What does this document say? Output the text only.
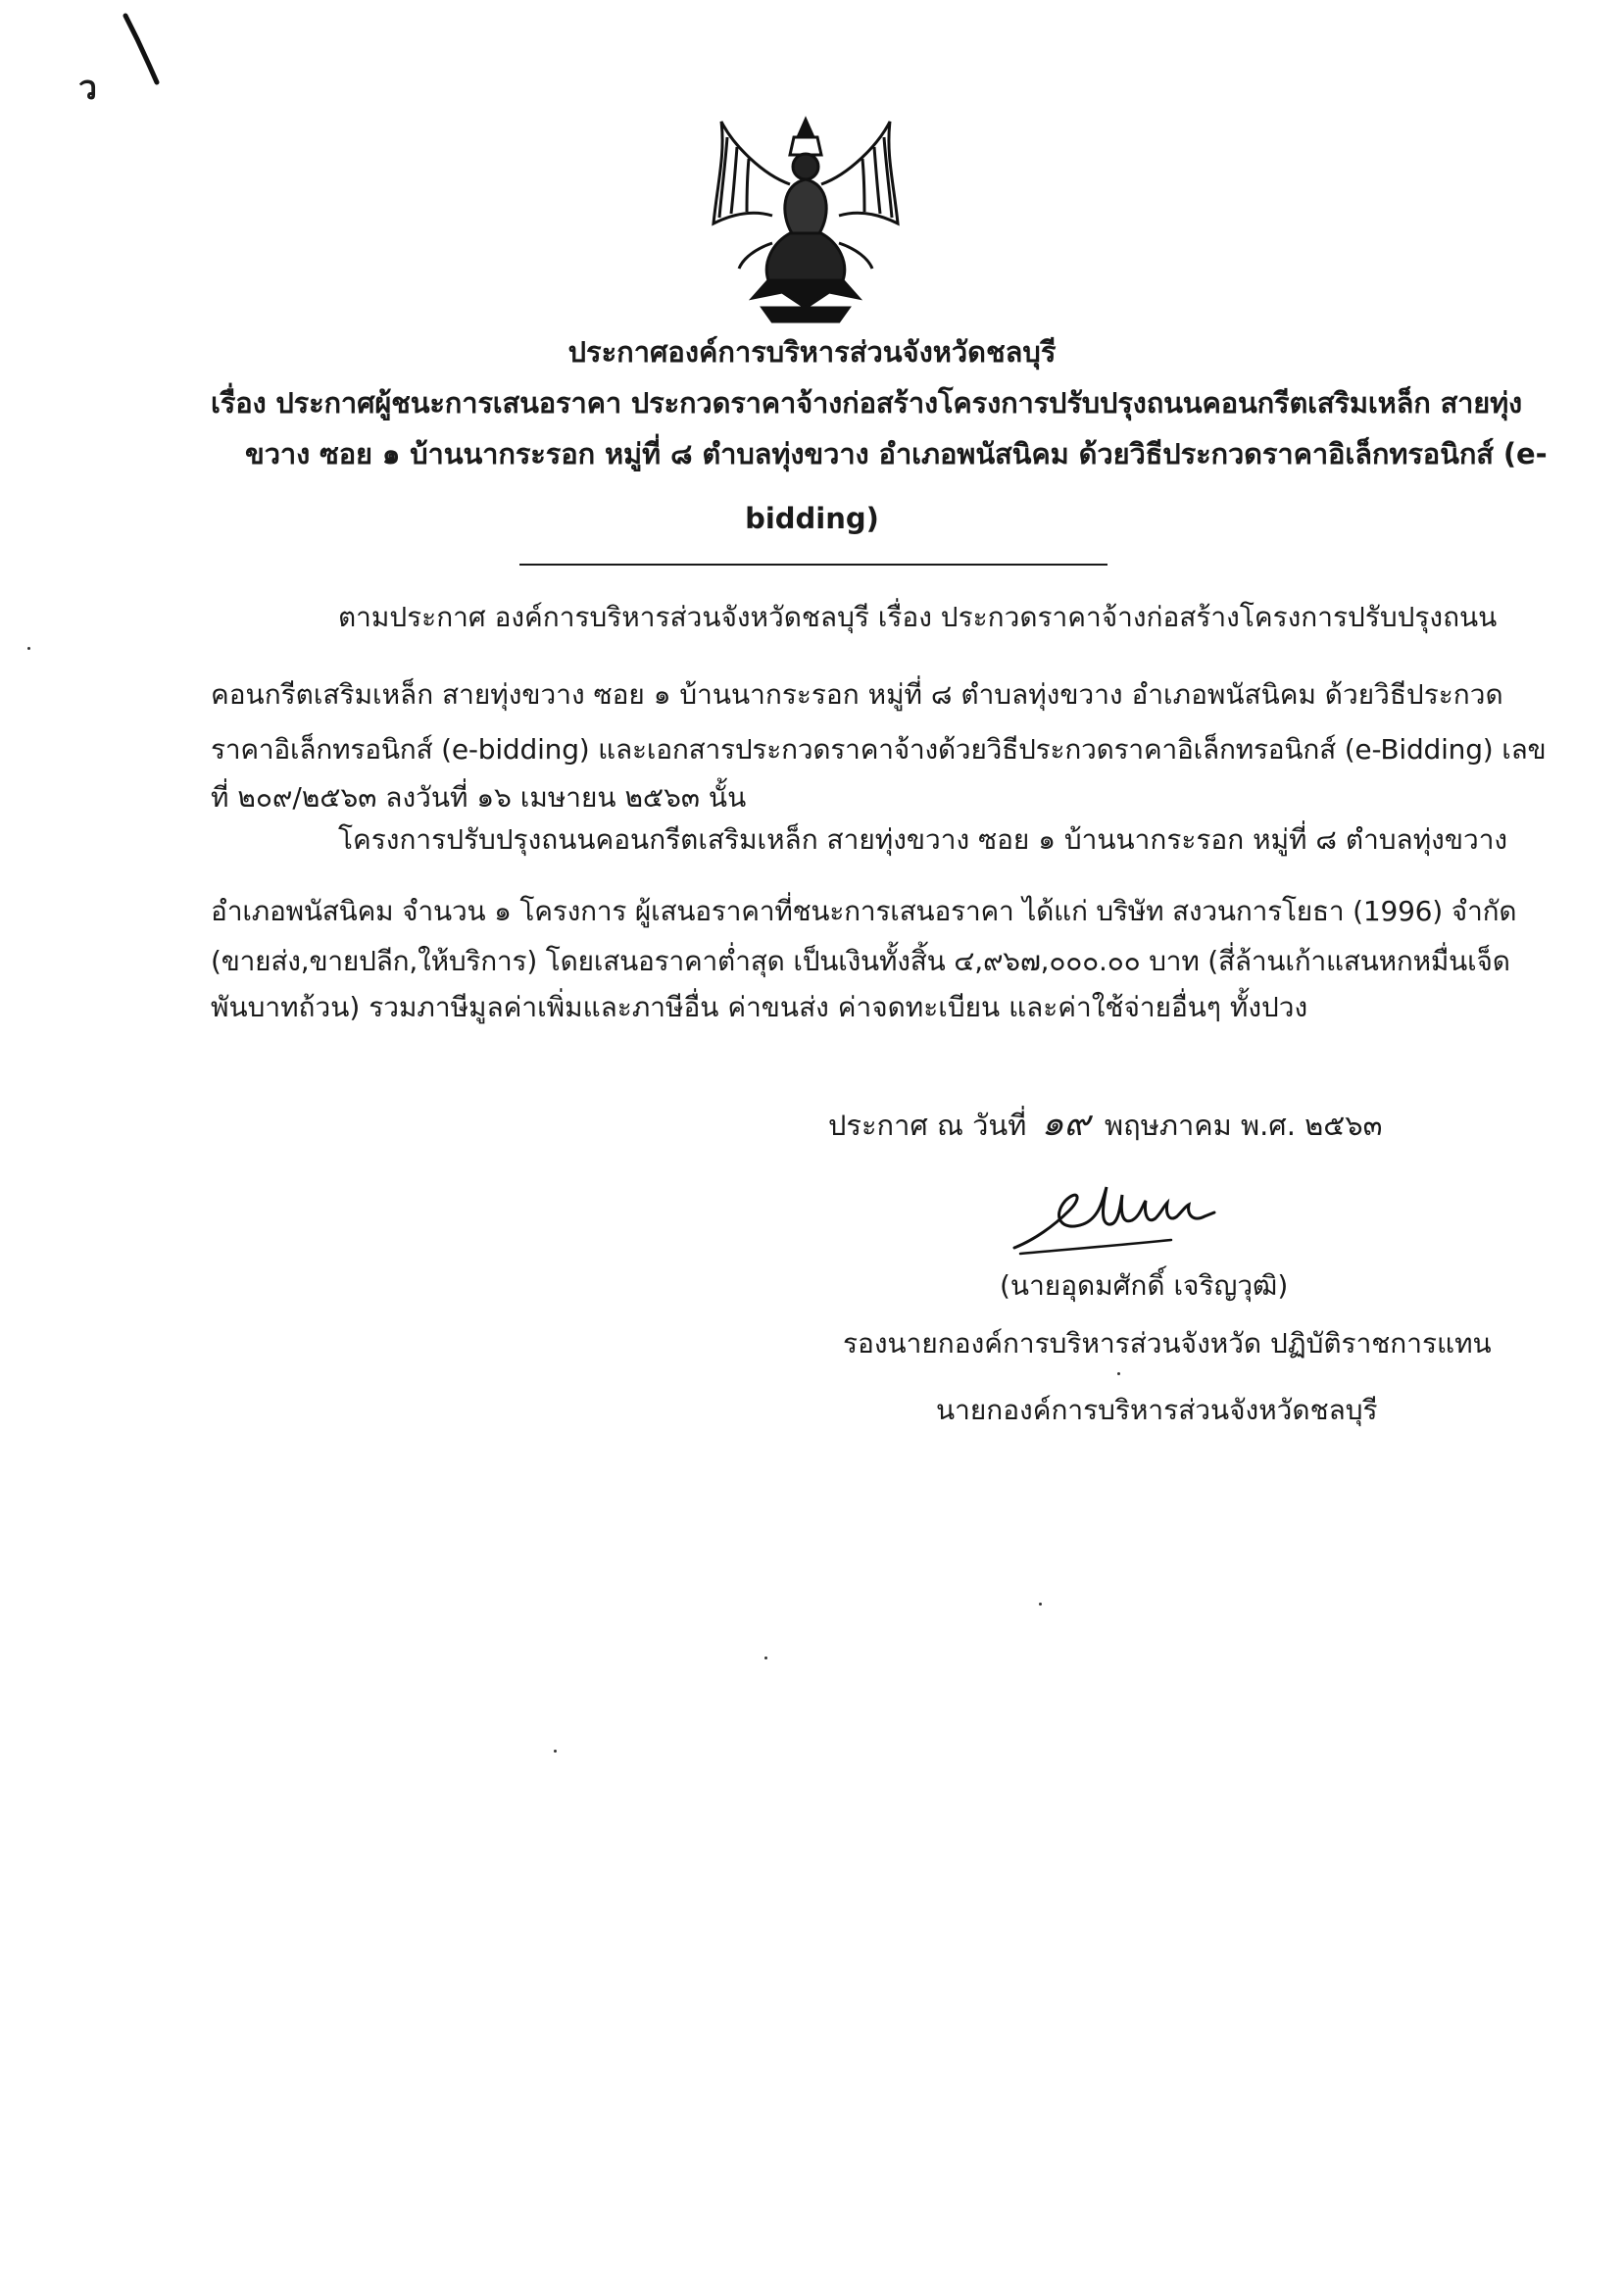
ว
ประกาศองค์การบริหารส่วนจังหวัดชลบุรี
เรื่อง ประกาศผู้ชนะการเสนอราคา ประกวดราคาจ้างก่อสร้างโครงการปรับปรุงถนนคอนกรีตเสริมเหล็ก สายทุ่ง
ขวาง ซอย ๑ บ้านนากระรอก หมู่ที่ ๘ ตำบลทุ่งขวาง อำเภอพนัสนิคม ด้วยวิธีประกวดราคาอิเล็กทรอนิกส์ (e-
bidding)
ตามประกาศ องค์การบริหารส่วนจังหวัดชลบุรี เรื่อง ประกวดราคาจ้างก่อสร้างโครงการปรับปรุงถนน
คอนกรีตเสริมเหล็ก สายทุ่งขวาง ซอย ๑ บ้านนากระรอก หมู่ที่ ๘ ตำบลทุ่งขวาง อำเภอพนัสนิคม ด้วยวิธีประกวด
ราคาอิเล็กทรอนิกส์ (e-bidding) และเอกสารประกวดราคาจ้างด้วยวิธีประกวดราคาอิเล็กทรอนิกส์ (e-Bidding) เลข
ที่ ๒๐๙/๒๕๖๓ ลงวันที่ ๑๖ เมษายน ๒๕๖๓ นั้น
โครงการปรับปรุงถนนคอนกรีตเสริมเหล็ก สายทุ่งขวาง ซอย ๑ บ้านนากระรอก หมู่ที่ ๘ ตำบลทุ่งขวาง
อำเภอพนัสนิคม จำนวน ๑ โครงการ ผู้เสนอราคาที่ชนะการเสนอราคา ได้แก่ บริษัท สงวนการโยธา (1996) จำกัด
(ขายส่ง,ขายปลีก,ให้บริการ) โดยเสนอราคาต่ำสุด เป็นเงินทั้งสิ้น ๔,๙๖๗,๐๐๐.๐๐ บาท (สี่ล้านเก้าแสนหกหมื่นเจ็ด
พันบาทถ้วน) รวมภาษีมูลค่าเพิ่มและภาษีอื่น ค่าขนส่ง ค่าจดทะเบียน และค่าใช้จ่ายอื่นๆ ทั้งปวง
ประกาศ ณ วันที่ ๑๙ พฤษภาคม พ.ศ. ๒๕๖๓
(นายอุดมศักดิ์ เจริญวุฒิ)
รองนายกองค์การบริหารส่วนจังหวัด ปฏิบัติราชการแทน
นายกองค์การบริหารส่วนจังหวัดชลบุรี
